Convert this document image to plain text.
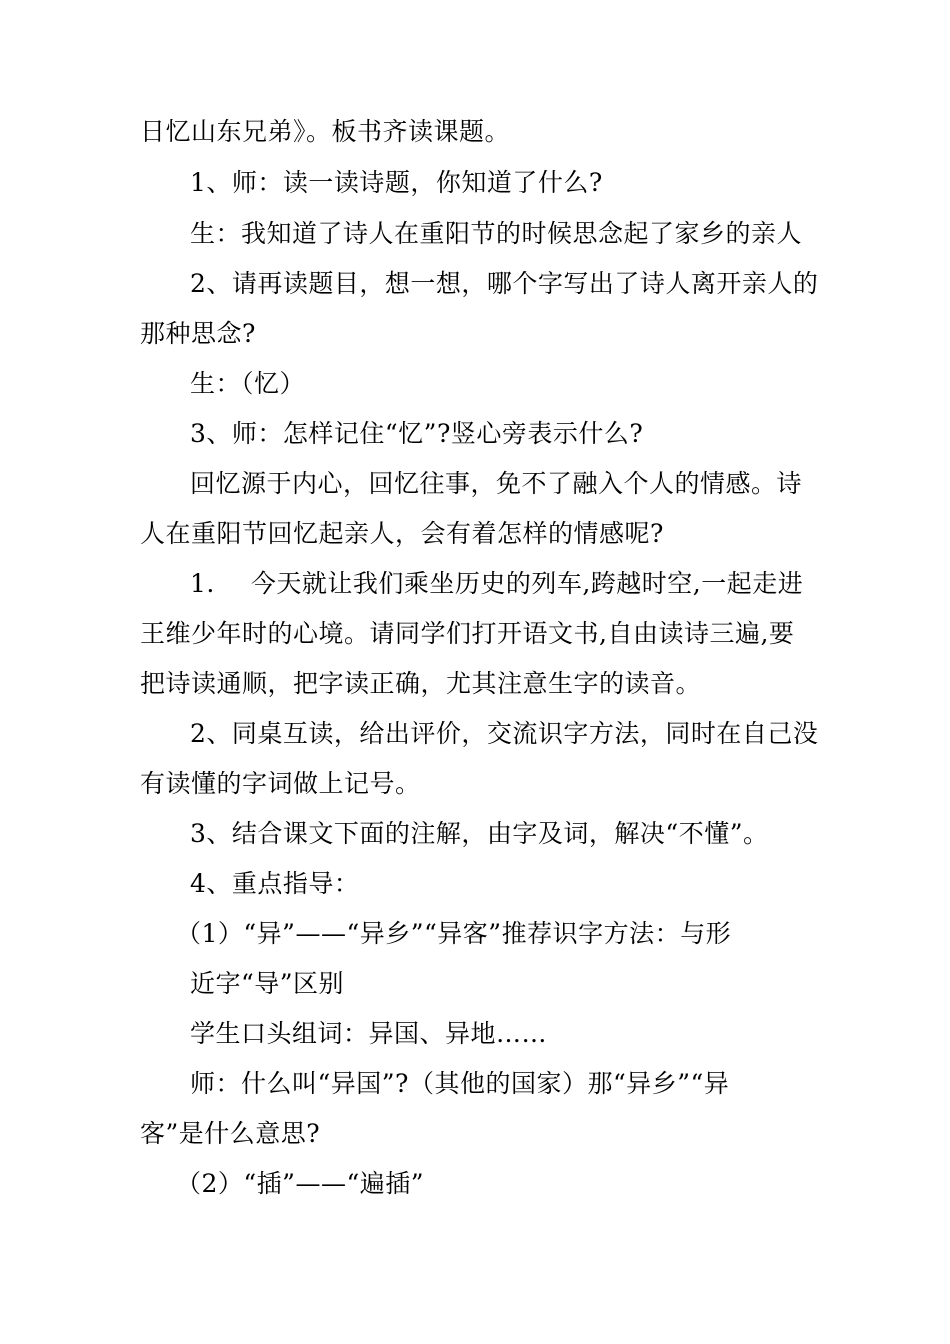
日忆山东兄弟》。板书齐读课题。
1、师：读一读诗题，你知道了什么?
生：我知道了诗人在重阳节的时候思念起了家乡的亲人
2、请再读题目，想一想，哪个字写出了诗人离开亲人的
那种思念?
生：（忆）
3、师：怎样记住“忆”?竖心旁表示什么?
回忆源于内心，回忆往事，免不了融入个人的情感。诗
人在重阳节回忆起亲人，会有着怎样的情感呢?
1. 今天就让我们乘坐历史的列车,跨越时空,一起走进
王维少年时的心境。请同学们打开语文书,自由读诗三遍,要
把诗读通顺，把字读正确，尤其注意生字的读音。
2、同桌互读，给出评价，交流识字方法，同时在自己没
有读懂的字词做上记号。
3、结合课文下面的注解，由字及词，解决“不懂”。
4、重点指导：
（1）“异”——“异乡”“异客”推荐识字方法：与形
近字“导”区别
学生口头组词：异国、异地……
师：什么叫“异国”?（其他的国家）那“异乡”“异
客”是什么意思?
（2）“插”——“遍插”
